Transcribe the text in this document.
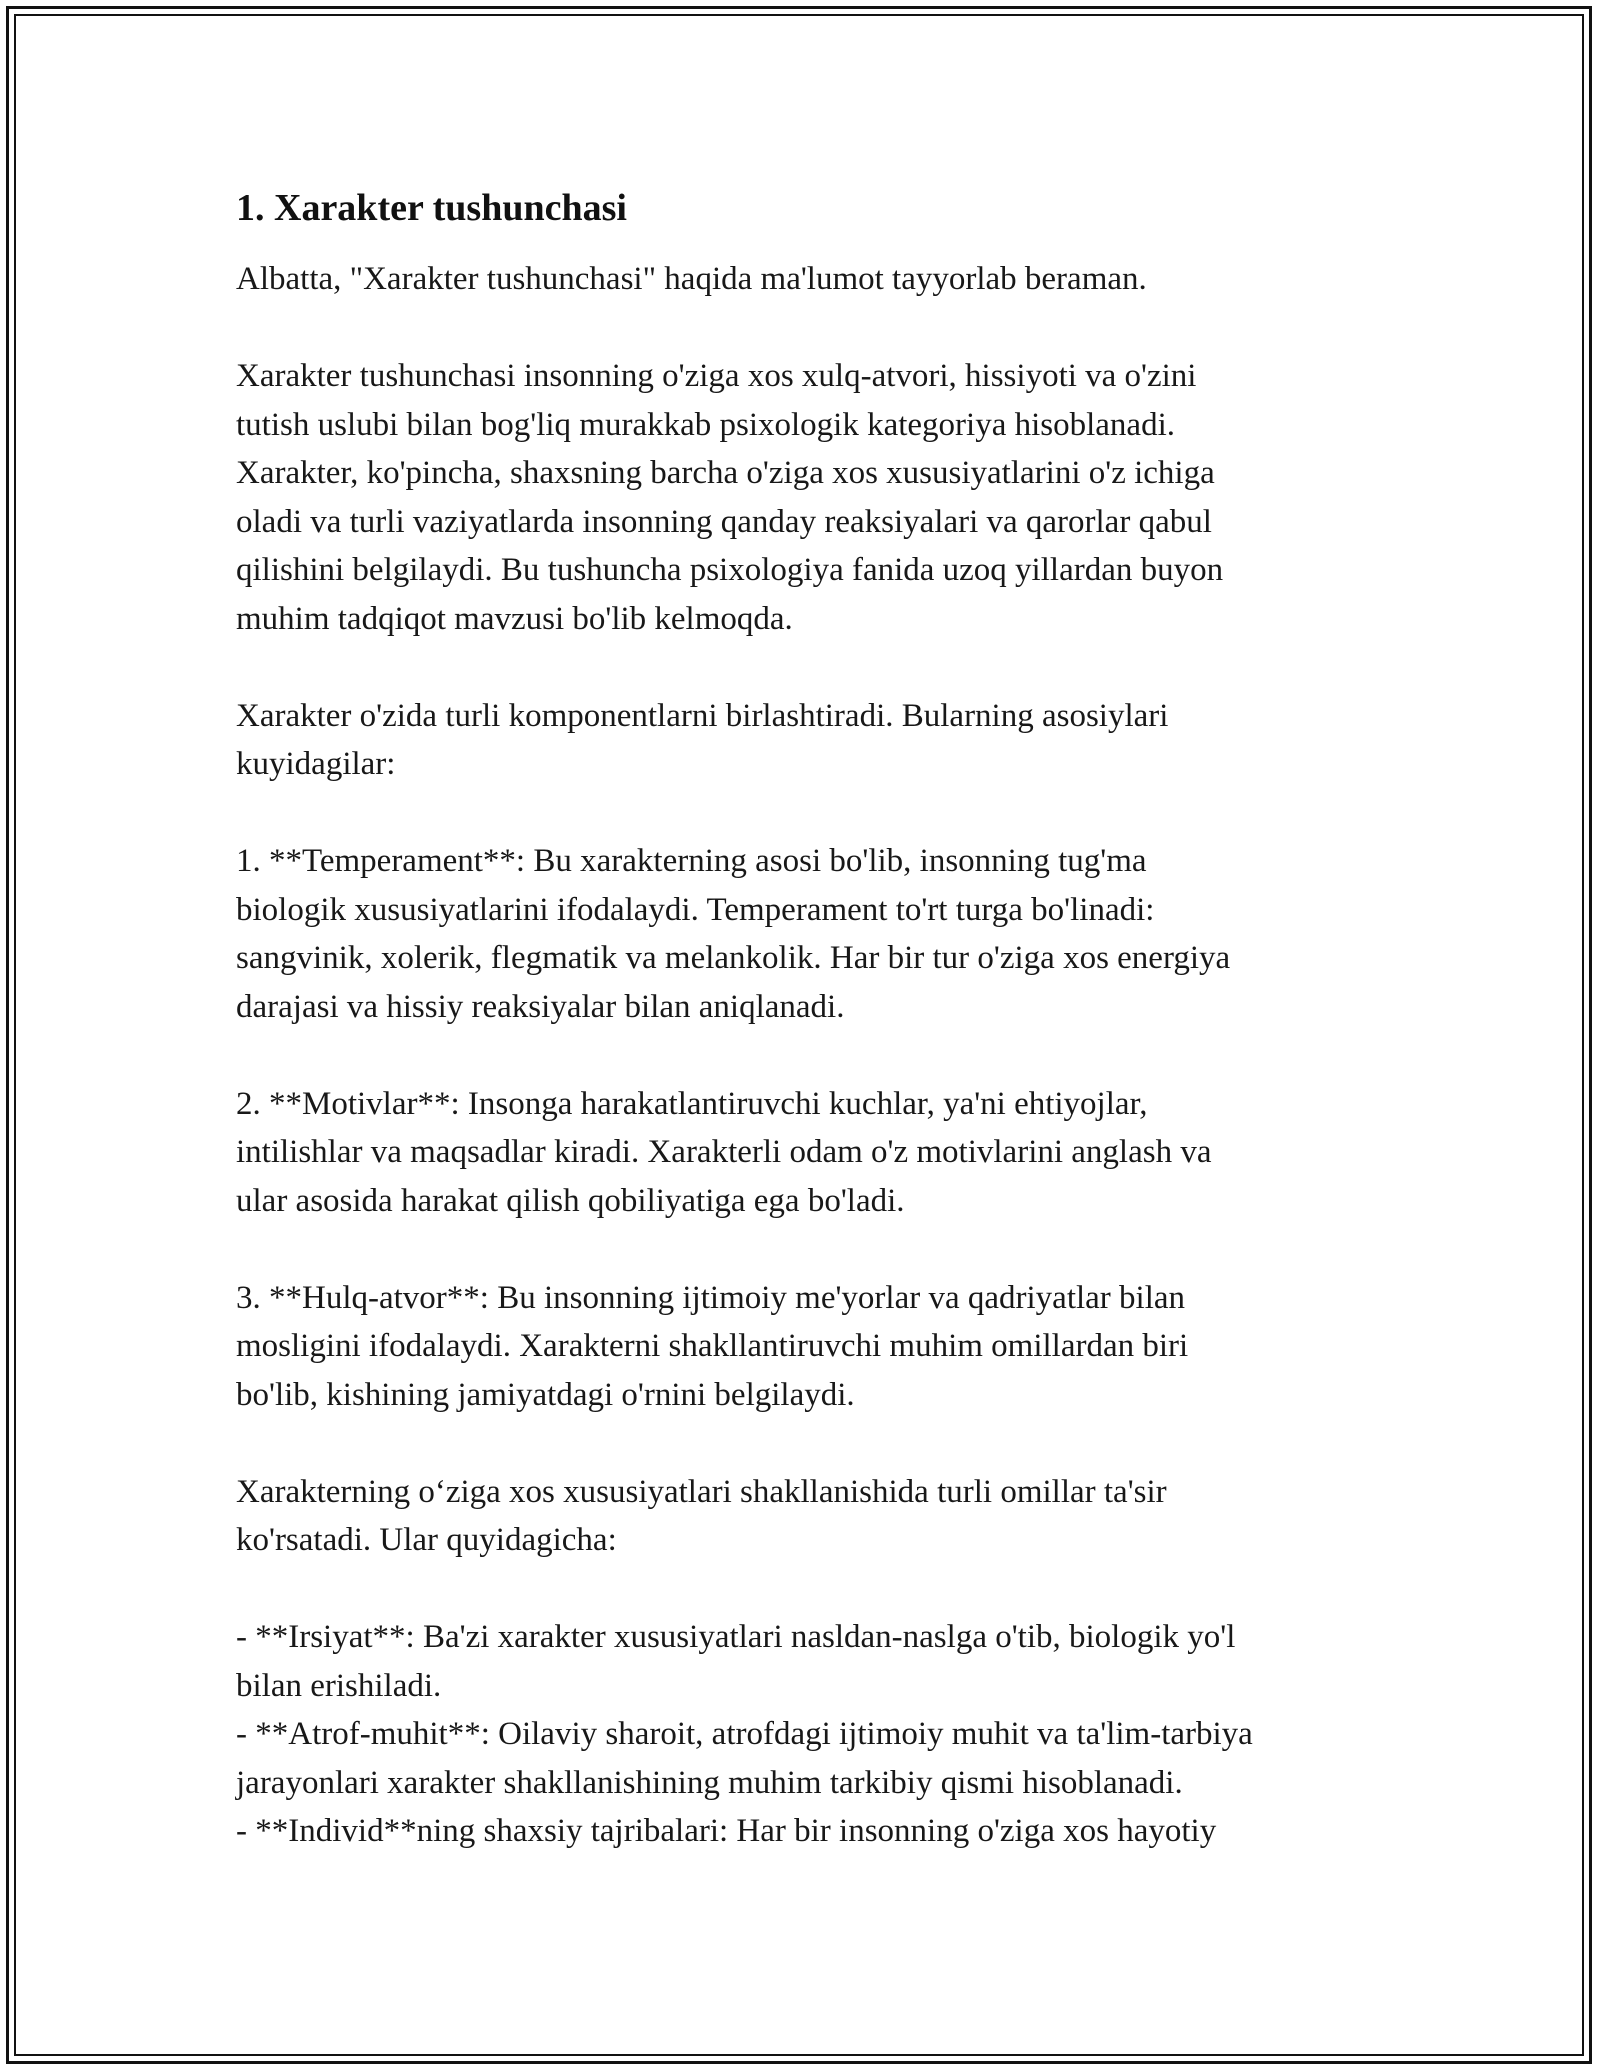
1. Xarakter tushunchasi

Albatta, "Xarakter tushunchasi" haqida ma'lumot tayyorlab beraman.

Xarakter tushunchasi insonning o'ziga xos xulq-atvori, hissiyoti va o'zini
tutish uslubi bilan bog'liq murakkab psixologik kategoriya hisoblanadi.
Xarakter, ko'pincha, shaxsning barcha o'ziga xos xususiyatlarini o'z ichiga
oladi va turli vaziyatlarda insonning qanday reaksiyalari va qarorlar qabul
qilishini belgilaydi. Bu tushuncha psixologiya fanida uzoq yillardan buyon
muhim tadqiqot mavzusi bo'lib kelmoqda.

Xarakter o'zida turli komponentlarni birlashtiradi. Bularning asosiylari
kuyidagilar:

1. **Temperament**: Bu xarakterning asosi bo'lib, insonning tug'ma
biologik xususiyatlarini ifodalaydi. Temperament to'rt turga bo'linadi:
sangvinik, xolerik, flegmatik va melankolik. Har bir tur o'ziga xos energiya
darajasi va hissiy reaksiyalar bilan aniqlanadi.

2. **Motivlar**: Insonga harakatlantiruvchi kuchlar, ya'ni ehtiyojlar,
intilishlar va maqsadlar kiradi. Xarakterli odam o'z motivlarini anglash va
ular asosida harakat qilish qobiliyatiga ega bo'ladi.

3. **Hulq-atvor**: Bu insonning ijtimoiy me'yorlar va qadriyatlar bilan
mosligini ifodalaydi. Xarakterni shakllantiruvchi muhim omillardan biri
bo'lib, kishining jamiyatdagi o'rnini belgilaydi.

Xarakterning o‘ziga xos xususiyatlari shakllanishida turli omillar ta'sir
ko'rsatadi. Ular quyidagicha:

- **Irsiyat**: Ba'zi xarakter xususiyatlari nasldan-naslga o'tib, biologik yo'l
bilan erishiladi.
- **Atrof-muhit**: Oilaviy sharoit, atrofdagi ijtimoiy muhit va ta'lim-tarbiya
jarayonlari xarakter shakllanishining muhim tarkibiy qismi hisoblanadi.
- **Individ**ning shaxsiy tajribalari: Har bir insonning o'ziga xos hayotiy
